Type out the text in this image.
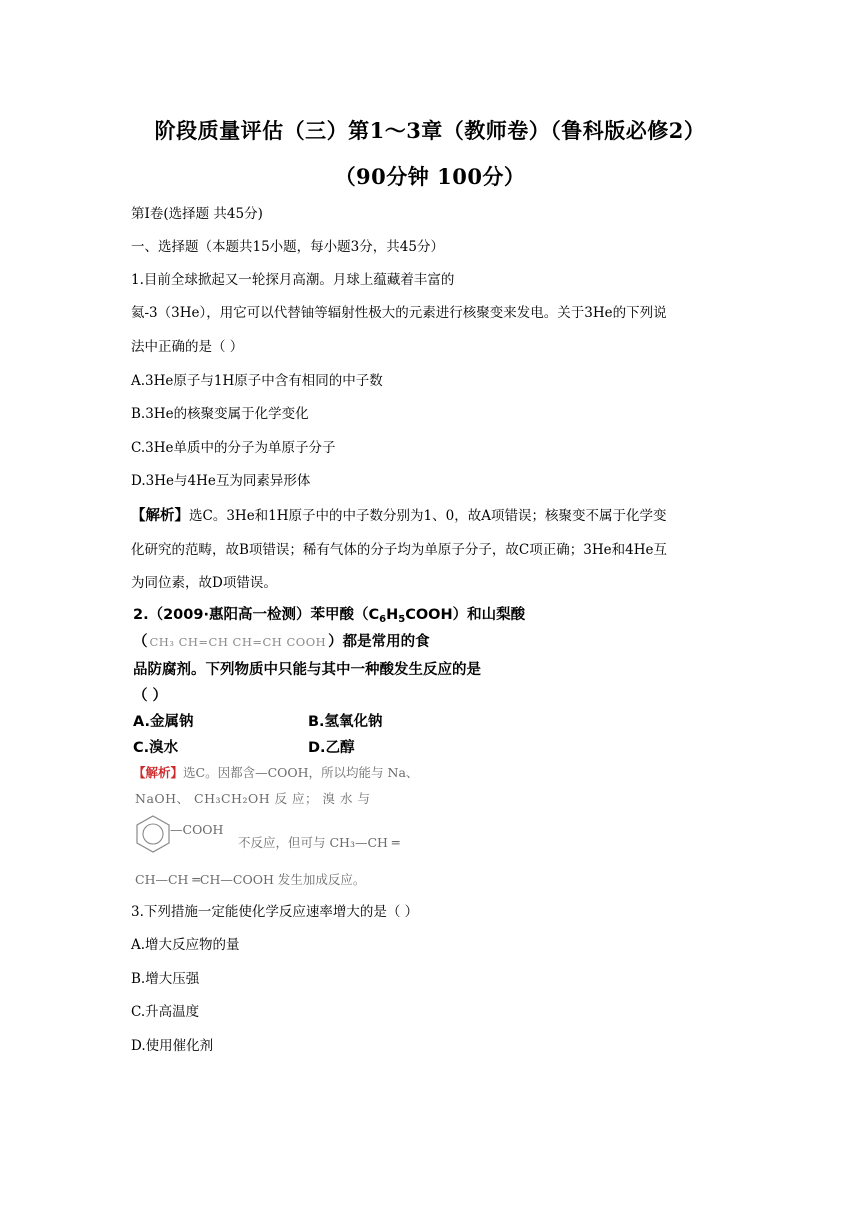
阶段质量评估（三）第1～3章（教师卷）（鲁科版必修2）
（90分钟 100分）
第Ⅰ卷(选择题 共45分)
一、选择题（本题共15小题，每小题3分，共45分）
1.目前全球掀起又一轮探月高潮。月球上蕴藏着丰富的
氦-3（3He），用它可以代替铀等辐射性极大的元素进行核聚变来发电。关于3He的下列说
法中正确的是（ ）
A.3He原子与1H原子中含有相同的中子数
B.3He的核聚变属于化学变化
C.3He单质中的分子为单原子分子
D.3He与4He互为同素异形体
【解析】选C。3He和1H原子中的中子数分别为1、0，故A项错误；核聚变不属于化学变
化研究的范畴，故B项错误；稀有气体的分子均为单原子分子，故C项正确；3He和4He互
为同位素，故D项错误。
2.（2009·惠阳高一检测）苯甲酸$(C_6H_5COOH)$和山梨酸
（ CH₃ CH=CH CH=CH COOH ）都是常用的食
品防腐剂。下列物质中只能与其中一种酸发生反应的是
（ ）
A.金属钠	B.氢氧化钠
C.溴水	D.乙醇
【解析】选C。因都含—COOH，所以均能与 Na、
NaOH、 CH₃CH₂OH 反 应； 溴 水 与
—COOH
不反应，但可与 CH₃—CH ═
CH—CH ═CH—COOH 发生加成反应。
3.下列措施一定能使化学反应速率增大的是（ ）
A.增大反应物的量
B.增大压强
C.升高温度
D.使用催化剂
